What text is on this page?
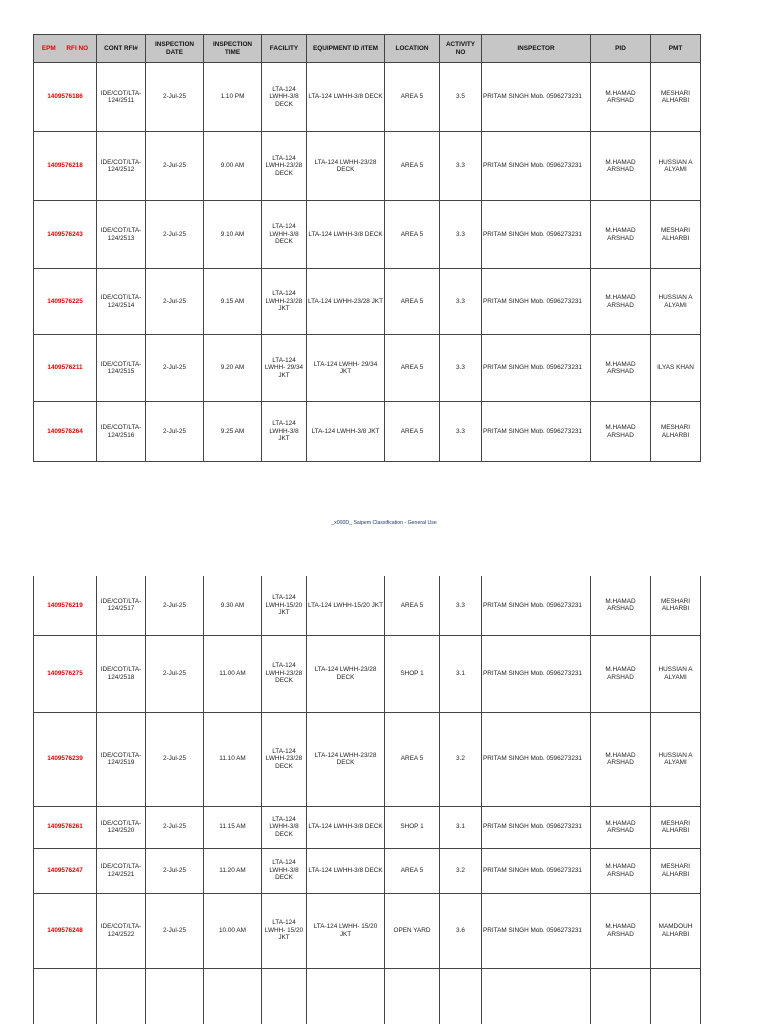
EPM RFI NO	CONT RFI#	INSPECTION DATE	INSPECTION TIME	FACILITY	EQUIPMENT ID /ITEM	LOCATION	ACTIVITY NO	INSPECTOR	PID	PMT
1409576186	IDE/COT/LTA-124/2511	2-Jul-25	1.10 PM	LTA-124 LWHH-3/8 DECK	LTA-124 LWHH-3/8 DECK	AREA 5	3.5	PRITAM SINGH Mob. 0596273231	M.HAMAD ARSHAD	MESHARI ALHARBI
1409576218	IDE/COT/LTA-124/2512	2-Jul-25	9.00 AM	LTA-124 LWHH-23/28 DECK	LTA-124 LWHH-23/28 DECK	AREA 5	3.3	PRITAM SINGH Mob. 0596273231	M.HAMAD ARSHAD	HUSSIAN A ALYAMI
1409576243	IDE/COT/LTA-124/2513	2-Jul-25	9.10 AM	LTA-124 LWHH-3/8 DECK	LTA-124 LWHH-3/8 DECK	AREA 5	3.3	PRITAM SINGH Mob. 0596273231	M.HAMAD ARSHAD	MESHARI ALHARBI
1409576225	IDE/COT/LTA-124/2514	2-Jul-25	9.15 AM	LTA-124 LWHH-23/28 JKT	LTA-124 LWHH-23/28 JKT	AREA 5	3.3	PRITAM SINGH Mob. 0596273231	M.HAMAD ARSHAD	HUSSIAN A ALYAMI
1409576211	IDE/COT/LTA-124/2515	2-Jul-25	9.20 AM	LTA-124 LWHH- 29/34 JKT	LTA-124 LWHH- 29/34 JKT	AREA 5	3.3	PRITAM SINGH Mob. 0596273231	M.HAMAD ARSHAD	ILYAS KHAN
1409576264	IDE/COT/LTA-124/2516	2-Jul-25	9.25 AM	LTA-124 LWHH-3/8 JKT	LTA-124 LWHH-3/8 JKT	AREA 5	3.3	PRITAM SINGH Mob. 0596273231	M.HAMAD ARSHAD	MESHARI ALHARBI
_x000D_ Saipem Classification - General Use
1409576219	IDE/COT/LTA-124/2517	2-Jul-25	9.30 AM	LTA-124 LWHH-15/20 JKT	LTA-124 LWHH-15/20 JKT	AREA 5	3.3	PRITAM SINGH Mob. 0596273231	M.HAMAD ARSHAD	MESHARI ALHARBI
1409576275	IDE/COT/LTA-124/2518	2-Jul-25	11.00 AM	LTA-124 LWHH-23/28 DECK	LTA-124 LWHH-23/28 DECK	SHOP 1	3.1	PRITAM SINGH Mob. 0596273231	M.HAMAD ARSHAD	HUSSIAN A ALYAMI
1409576239	IDE/COT/LTA-124/2519	2-Jul-25	11.10 AM	LTA-124 LWHH-23/28 DECK	LTA-124 LWHH-23/28 DECK	AREA 5	3.2	PRITAM SINGH Mob. 0596273231	M.HAMAD ARSHAD	HUSSIAN A ALYAMI
1409576261	IDE/COT/LTA-124/2520	2-Jul-25	11.15 AM	LTA-124 LWHH-3/8 DECK	LTA-124 LWHH-3/8 DECK	SHOP 1	3.1	PRITAM SINGH Mob. 0596273231	M.HAMAD ARSHAD	MESHARI ALHARBI
1409576247	IDE/COT/LTA-124/2521	2-Jul-25	11.20 AM	LTA-124 LWHH-3/8 DECK	LTA-124 LWHH-3/8 DECK	AREA 5	3.2	PRITAM SINGH Mob. 0596273231	M.HAMAD ARSHAD	MESHARI ALHARBI
1409576248	IDE/COT/LTA-124/2522	2-Jul-25	10.00 AM	LTA-124 LWHH- 15/20 JKT	LTA-124 LWHH- 15/20 JKT	OPEN YARD	3.6	PRITAM SINGH Mob. 0596273231	M.HAMAD ARSHAD	MAMDOUH ALHARBI
